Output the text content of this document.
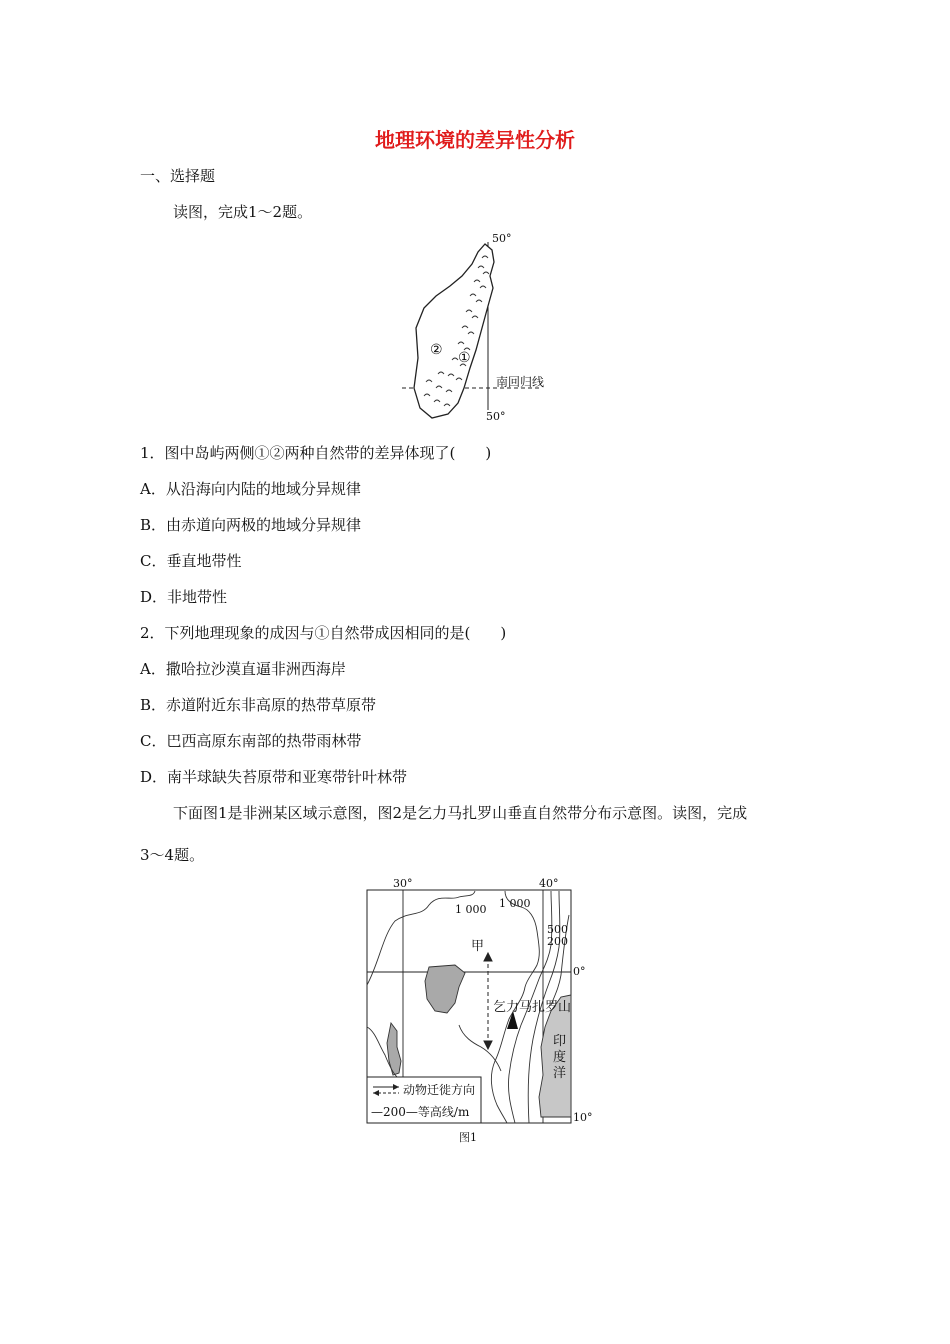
地理环境的差异性分析
一、选择题
读图，完成1～2题。
50°
50°
①
②
南回归线
1．图中岛屿两侧①②两种自然带的差异体现了(　　)
A．从沿海向内陆的地域分异规律
B．由赤道向两极的地域分异规律
C．垂直地带性
D．非地带性
2．下列地理现象的成因与①自然带成因相同的是(　　)
A．撒哈拉沙漠直逼非洲西海岸
B．赤道附近东非高原的热带草原带
C．巴西高原东南部的热带雨林带
D．南半球缺失苔原带和亚寒带针叶林带
下面图1是非洲某区域示意图，图2是乞力马扎罗山垂直自然带分布示意图。读图，完成
3～4题。
30°	40°
0°
10°
1 000 1 000
500
200
甲
乞力马扎罗山
印
度
洋
动物迁徙方向
—200—等高线/m
图1
